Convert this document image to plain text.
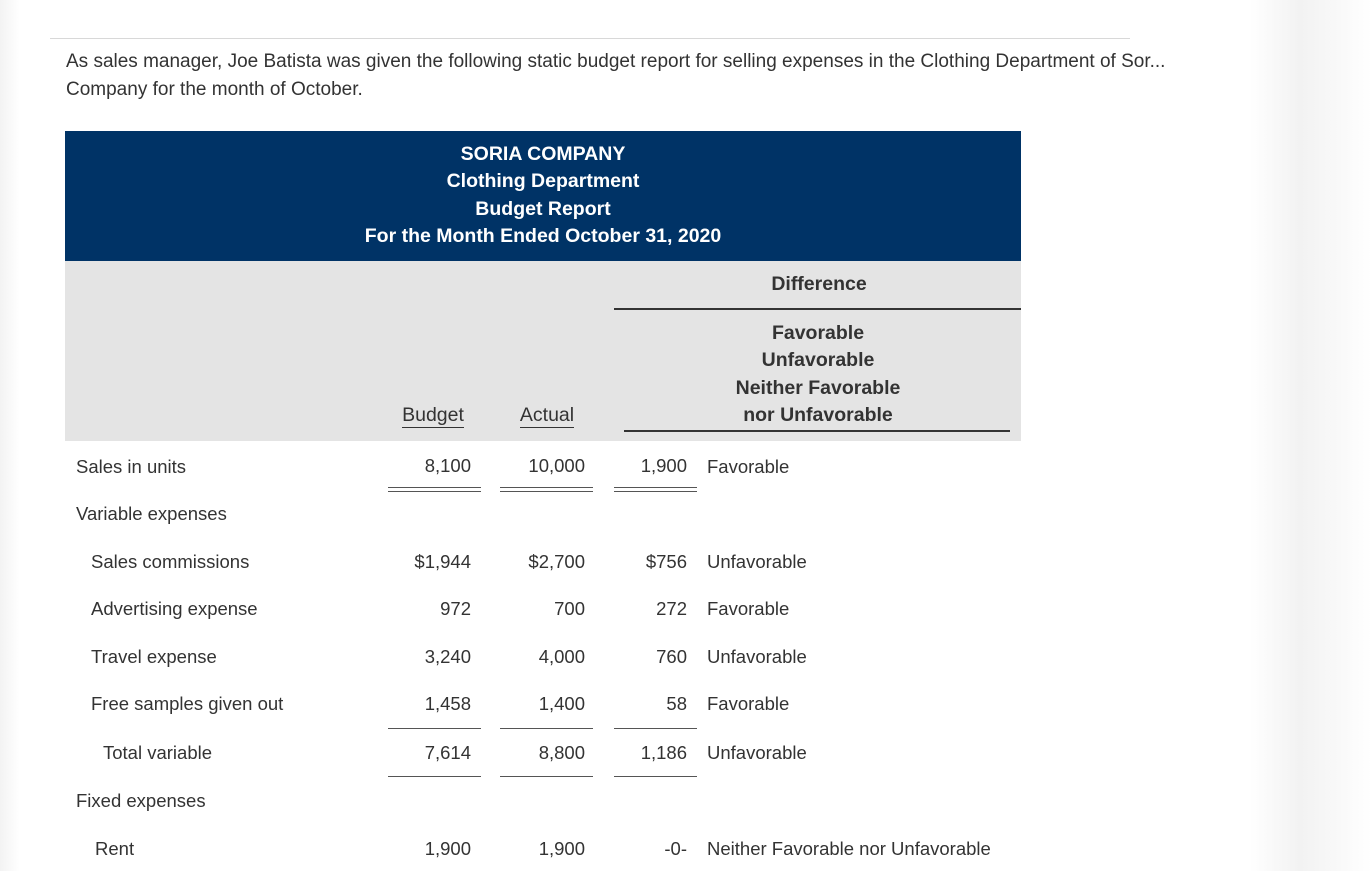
As sales manager, Joe Batista was given the following static budget report for selling expenses in the Clothing Department of Sor... Company for the month of October.
SORIA COMPANY
Clothing Department
Budget Report
For the Month Ended October 31, 2020
Difference
Favorable
Unfavorable
Neither Favorable
nor Unfavorable
Budget	Actual
Sales in units	8,100	10,000	1,900 Favorable
Variable expenses
Sales commissions	$1,944	$2,700	$756 Unfavorable
Advertising expense	972	700	272 Favorable
Travel expense	3,240	4,000	760 Unfavorable
Free samples given out	1,458	1,400	58 Favorable
Total variable	7,614	8,800	1,186 Unfavorable
Fixed expenses
Rent	1,900	1,900	-0- Neither Favorable nor Unfavorable
